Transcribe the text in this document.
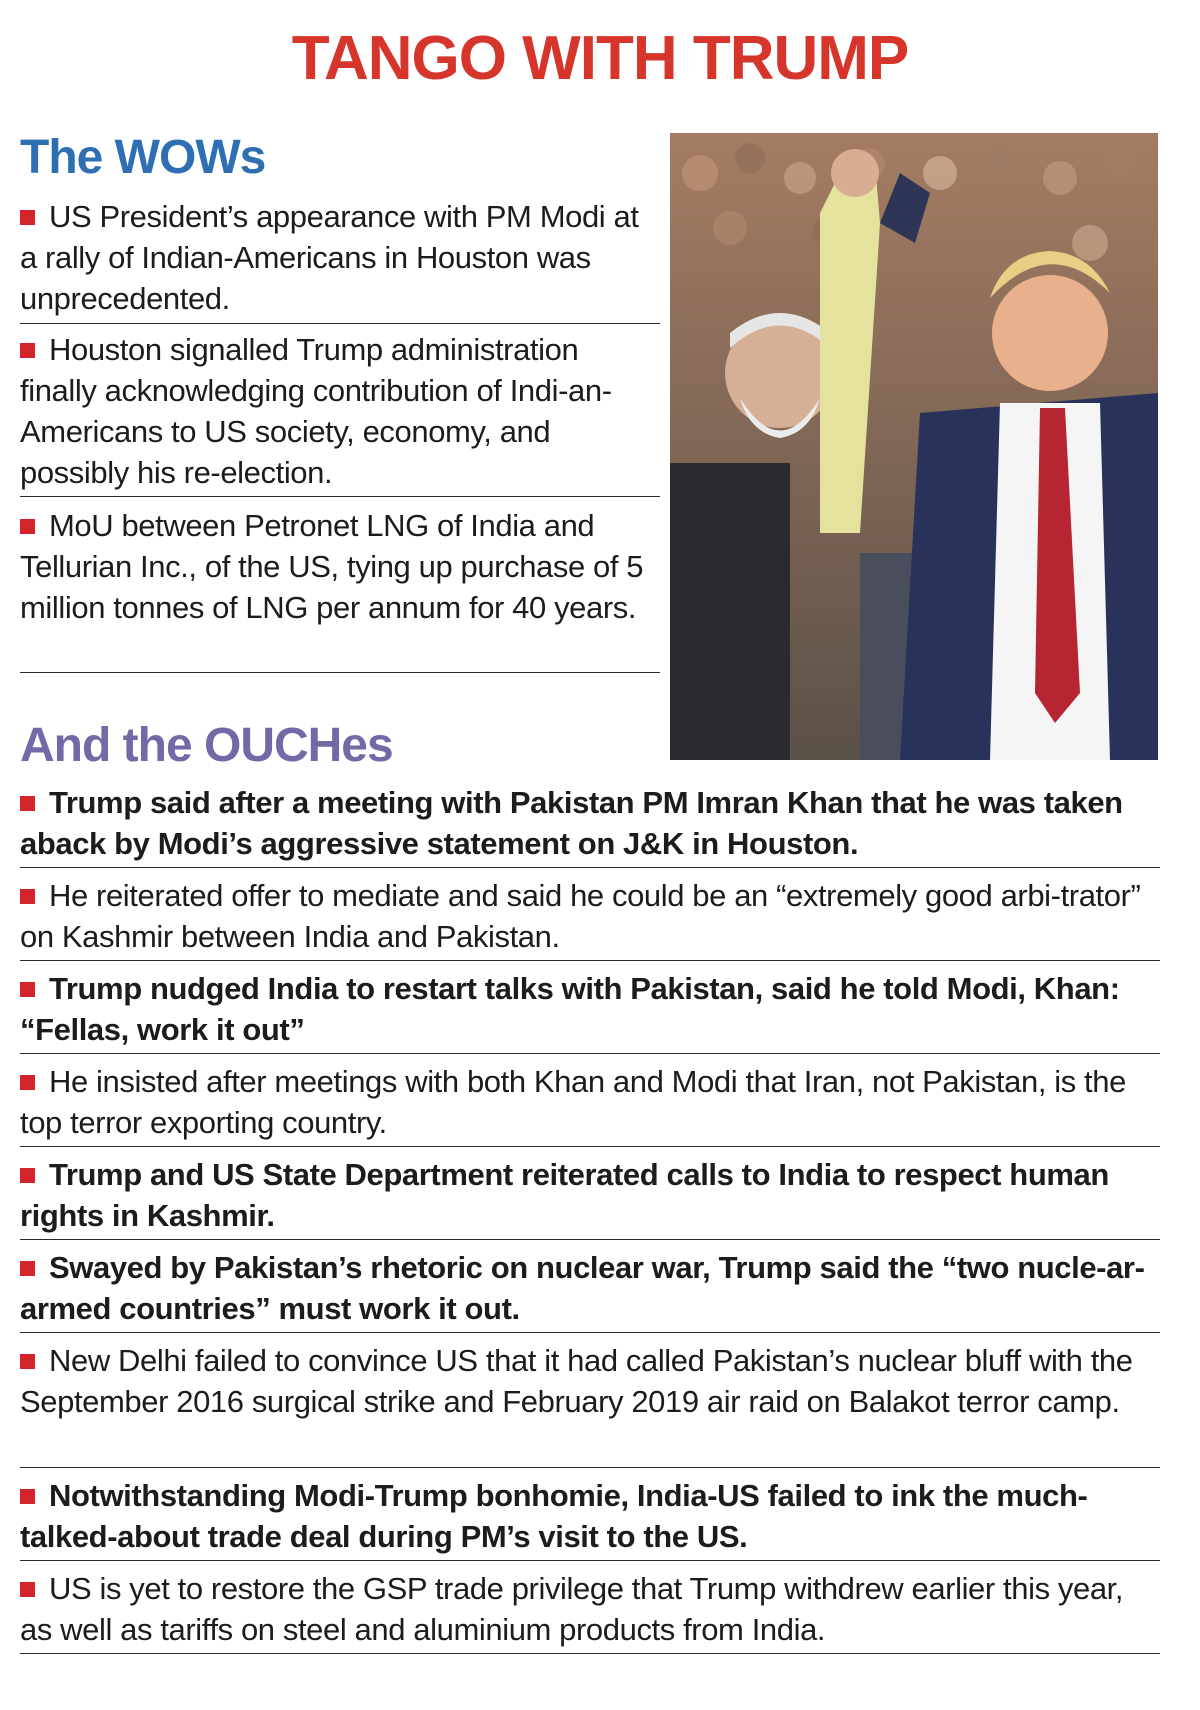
TANGO WITH TRUMP
The WOWs
US President’s appearance with PM Modi at a rally of Indian-Americans in Houston was unprecedented.
Houston signalled Trump administration finally acknowledging contribution of Indi-an-Americans to US society, economy, and possibly his re-election.
MoU between Petronet LNG of India and Tellurian Inc., of the US, tying up purchase of 5 million tonnes of LNG per annum for 40 years.
And the OUCHes
Trump said after a meeting with Pakistan PM Imran Khan that he was taken aback by Modi’s aggressive statement on J&K in Houston.
He reiterated offer to mediate and said he could be an “extremely good arbi-trator” on Kashmir between India and Pakistan.
Trump nudged India to restart talks with Pakistan, said he told Modi, Khan: “Fellas, work it out”
He insisted after meetings with both Khan and Modi that Iran, not Pakistan, is the top terror exporting country.
Trump and US State Department reiterated calls to India to respect human rights in Kashmir.
Swayed by Pakistan’s rhetoric on nuclear war, Trump said the “two nucle-ar-armed countries” must work it out.
New Delhi failed to convince US that it had called Pakistan’s nuclear bluff with the September 2016 surgical strike and February 2019 air raid on Balakot terror camp.
Notwithstanding Modi-Trump bonhomie, India-US failed to ink the much-talked-about trade deal during PM’s visit to the US.
US is yet to restore the GSP trade privilege that Trump withdrew earlier this year, as well as tariffs on steel and aluminium products from India.
